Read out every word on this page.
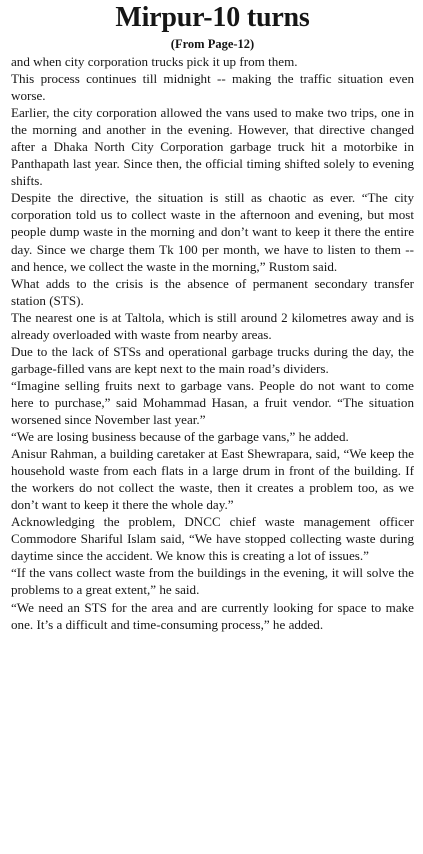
Mirpur-10 turns
(From Page-12)

and when city corporation trucks pick it up from them.

This process continues till midnight -- making the traffic situation even worse.

Earlier, the city corporation allowed the vans used to make two trips, one in the morning and another in the evening. However, that directive changed after a Dhaka North City Corporation garbage truck hit a motorbike in Panthapath last year. Since then, the official timing shifted solely to evening shifts.

Despite the directive, the situation is still as chaotic as ever. “The city corporation told us to collect waste in the afternoon and evening, but most people dump waste in the morning and don’t want to keep it there the entire day. Since we charge them Tk 100 per month, we have to listen to them -- and hence, we collect the waste in the morning,” Rustom said.

What adds to the crisis is the absence of permanent secondary transfer station (STS).

The nearest one is at Taltola, which is still around 2 kilometres away and is already overloaded with waste from nearby areas.

Due to the lack of STSs and operational garbage trucks during the day, the garbage-filled vans are kept next to the main road’s dividers.

“Imagine selling fruits next to garbage vans. People do not want to come here to purchase,” said Mohammad Hasan, a fruit vendor. “The situation worsened since November last year.”

“We are losing business because of the garbage vans,” he added.

Anisur Rahman, a building caretaker at East Shewrapara, said, “We keep the household waste from each flats in a large drum in front of the building. If the workers do not collect the waste, then it creates a problem too, as we don’t want to keep it there the whole day.”

Acknowledging the problem, DNCC chief waste management officer Commodore Shariful Islam said, “We have stopped collecting waste during daytime since the accident. We know this is creating a lot of issues.”

“If the vans collect waste from the buildings in the evening, it will solve the problems to a great extent,” he said.

“We need an STS for the area and are currently looking for space to make one. It’s a difficult and time-consuming process,” he added.
